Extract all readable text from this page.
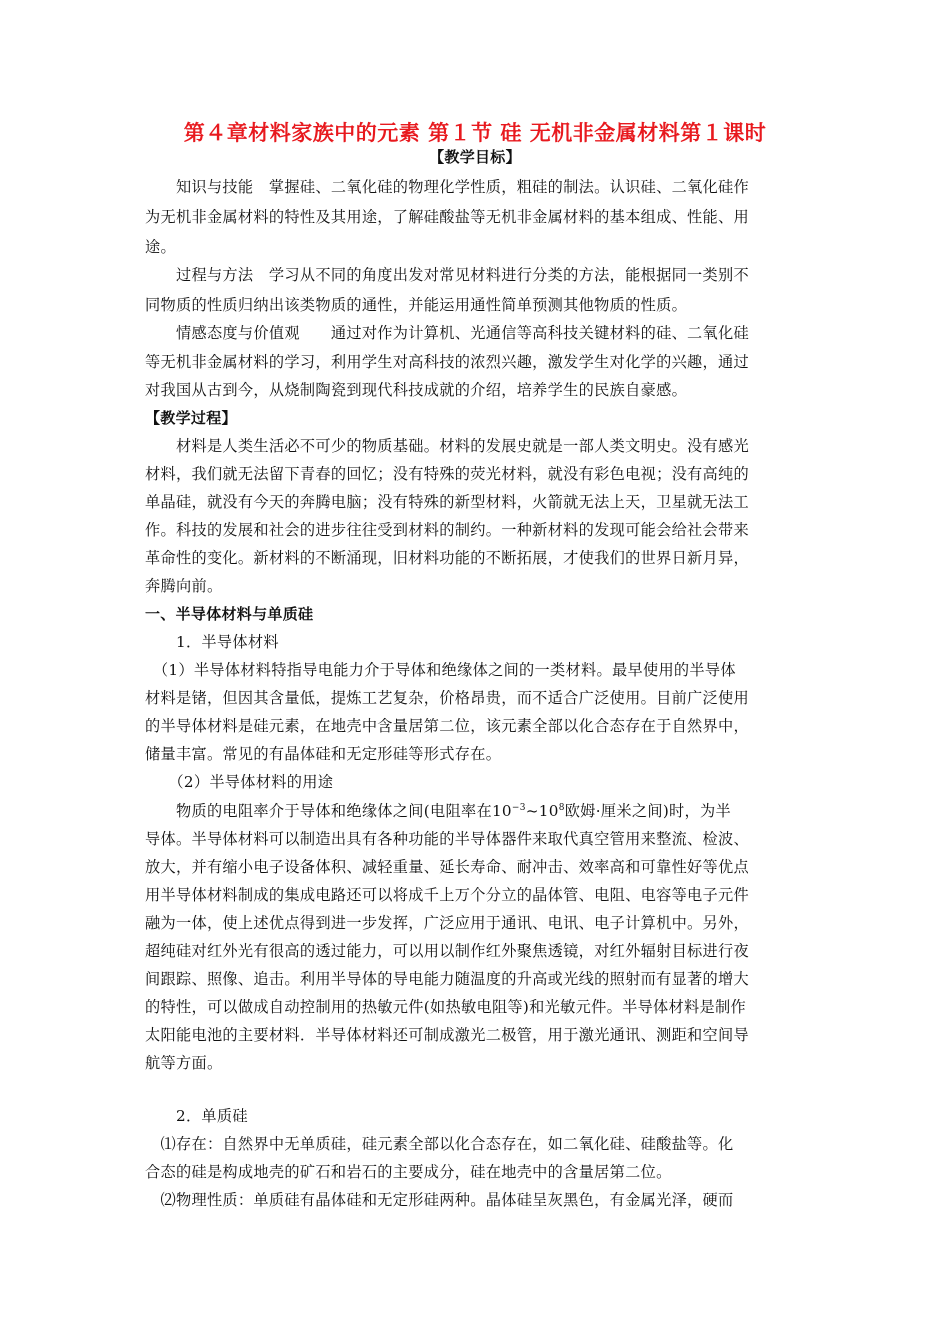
第４章材料家族中的元素 第１节 硅 无机非金属材料第１课时
【教学目标】
　　知识与技能　掌握硅、二氧化硅的物理化学性质，粗硅的制法。认识硅、二氧化硅作
为无机非金属材料的特性及其用途，了解硅酸盐等无机非金属材料的基本组成、性能、用
途。
　　过程与方法　学习从不同的角度出发对常见材料进行分类的方法，能根据同一类别不
同物质的性质归纳出该类物质的通性，并能运用通性简单预测其他物质的性质。
　　情感态度与价值观　　通过对作为计算机、光通信等高科技关键材料的硅、二氧化硅
等无机非金属材料的学习，利用学生对高科技的浓烈兴趣，激发学生对化学的兴趣，通过
对我国从古到今，从烧制陶瓷到现代科技成就的介绍，培养学生的民族自豪感。
【教学过程】
　　材料是人类生活必不可少的物质基础。材料的发展史就是一部人类文明史。没有感光
材料，我们就无法留下青春的回忆；没有特殊的荧光材料，就没有彩色电视；没有高纯的
单晶硅，就没有今天的奔腾电脑；没有特殊的新型材料，火箭就无法上天，卫星就无法工
作。科技的发展和社会的进步往往受到材料的制约。一种新材料的发现可能会给社会带来
革命性的变化。新材料的不断涌现，旧材料功能的不断拓展，才使我们的世界日新月异，
奔腾向前。
一、半导体材料与单质硅
　　1．半导体材料
　（1）半导体材料特指导电能力介于导体和绝缘体之间的一类材料。最早使用的半导体
材料是锗，但因其含量低，提炼工艺复杂，价格昂贵，而不适合广泛使用。目前广泛使用
的半导体材料是硅元素，在地壳中含量居第二位，该元素全部以化合态存在于自然界中，
储量丰富。常见的有晶体硅和无定形硅等形式存在。
　　（2）半导体材料的用途
　　物质的电阻率介于导体和绝缘体之间(电阻率在$10^{-3}\sim 10^8$欧姆·厘米之间)时，为半
导体。半导体材料可以制造出具有各种功能的半导体器件来取代真空管用来整流、检波、
放大，并有缩小电子设备体积、减轻重量、延长寿命、耐冲击、效率高和可靠性好等优点
用半导体材料制成的集成电路还可以将成千上万个分立的晶体管、电阻、电容等电子元件
融为一体，使上述优点得到进一步发挥，广泛应用于通讯、电讯、电子计算机中。另外，
超纯硅对红外光有很高的透过能力，可以用以制作红外聚焦透镜，对红外辐射目标进行夜
间跟踪、照像、追击。利用半导体的导电能力随温度的升高或光线的照射而有显著的增大
的特性，可以做成自动控制用的热敏元件(如热敏电阻等)和光敏元件。半导体材料是制作
太阳能电池的主要材料．半导体材料还可制成激光二极管，用于激光通讯、测距和空间导
航等方面。
　　2．单质硅
　⑴存在：自然界中无单质硅，硅元素全部以化合态存在，如二氧化硅、硅酸盐等。化
合态的硅是构成地壳的矿石和岩石的主要成分，硅在地壳中的含量居第二位。
　⑵物理性质：单质硅有晶体硅和无定形硅两种。晶体硅呈灰黑色，有金属光泽，硬而
